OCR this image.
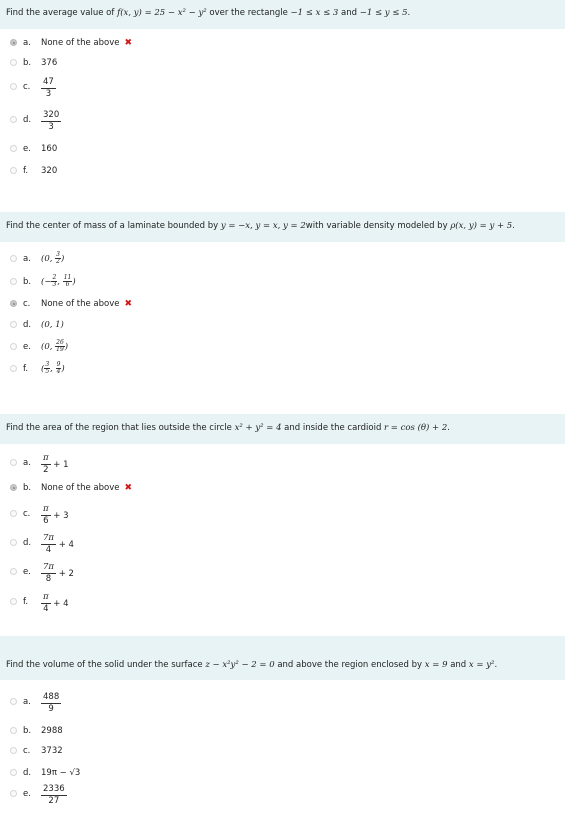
Find the average value of f(x, y) = 25 − x² − y² over the rectangle −1 ≤ x ≤ 3 and −1 ≤ y ≤ 5.
a. None of the above ✖
b. 376
c. $\frac{47}{3}$
d. $\frac{320}{3}$
e. 160
f. 320
Find the center of mass of a laminate bounded by y = −x, y = x, y = 2with variable density modeled by ρ(x, y) = y + 5.
a. (0, $\frac{3}{2}$ )
b. (− $\frac{2}{3}$ , $\frac{11}{6}$ )
c. None of the above ✖
d. (0, 1)
e. (0, $\frac{26}{19}$ )
f. ( $\frac{3}{5}$ , $\frac{9}{4}$ )
Find the area of the region that lies outside the circle x² + y² = 4 and inside the cardioid r = cos (θ) + 2.
a. $\frac{\pi}{2} + 1$
b. None of the above ✖
c. $\frac{\pi}{6} + 3$
d. $\frac{7\pi}{4} + 4$
e. $\frac{7\pi}{8} + 2$
f. $\frac{\pi}{4} + 4$
Find the volume of the solid under the surface z − x²y² − 2 = 0 and above the region enclosed by x = 9 and x = y².
a. $\frac{488}{9}$
b. 2988
c. 3732
d. 19π − √3
e. $\frac{2336}{27}$
